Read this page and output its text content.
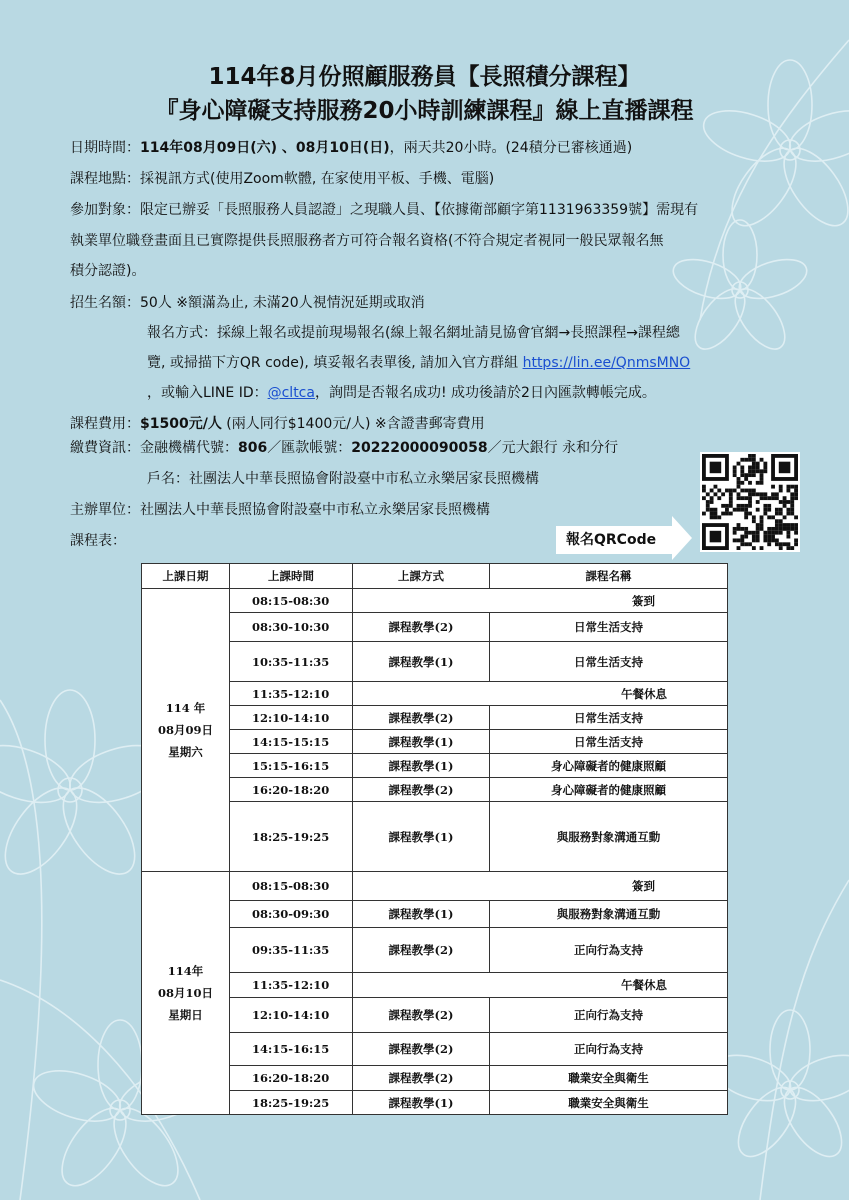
114年8月份照顧服務員【長照積分課程】
『身心障礙支持服務20小時訓練課程』線上直播課程
日期時間：114年08月09日(六) 、08月10日(日)，兩天共20小時。(24積分已審核通過)
課程地點：採視訊方式(使用Zoom軟體, 在家使用平板、手機、電腦)
參加對象：限定已辦妥「長照服務人員認證」之現職人員、【依據衛部顧字第1131963359號】需現有
執業單位職登畫面且已實際提供長照服務者方可符合報名資格(不符合規定者視同一般民眾報名無
積分認證)。
招生名額：50人 ※額滿為止, 未滿20人視情況延期或取消
報名方式：採線上報名或提前現場報名(線上報名網址請見協會官網→長照課程→課程總
覽, 或掃描下方QR code), 填妥報名表單後, 請加入官方群組 https://lin.ee/QnmsMNO
，或輸入LINE ID：@cltca，詢問是否報名成功! 成功後請於2日內匯款轉帳完成。
課程費用：$1500元/人 (兩人同行$1400元/人) ※含證書郵寄費用
繳費資訊：金融機構代號：806／匯款帳號：20222000090058／元大銀行 永和分行
戶名：社團法人中華長照協會附設臺中市私立永樂居家長照機構
主辦單位：社團法人中華長照協會附設臺中市私立永樂居家長照機構
課程表：	報名QRCode
上課日期	上課時間	上課方式	課程名稱

114 年
08月09日
星期六	08:15-08:30	簽到	
	08:30-10:30	課程教學(2)	日常生活支持
	10:35-11:35	課程教學(1)	日常生活支持
	11:35-12:10	午餐休息	
	12:10-14:10	課程教學(2)	日常生活支持
	14:15-15:15	課程教學(1)	日常生活支持
	15:15-16:15	課程教學(1)	身心障礙者的健康照顧
	16:20-18:20	課程教學(2)	身心障礙者的健康照顧
	18:25-19:25	課程教學(1)	與服務對象溝通互動

114年
08月10日
星期日	08:15-08:30	簽到	
	08:30-09:30	課程教學(1)	與服務對象溝通互動
	09:35-11:35	課程教學(2)	正向行為支持
	11:35-12:10	午餐休息	
	12:10-14:10	課程教學(2)	正向行為支持
	14:15-16:15	課程教學(2)	正向行為支持
	16:20-18:20	課程教學(2)	職業安全與衛生
	18:25-19:25	課程教學(1)	職業安全與衛生
